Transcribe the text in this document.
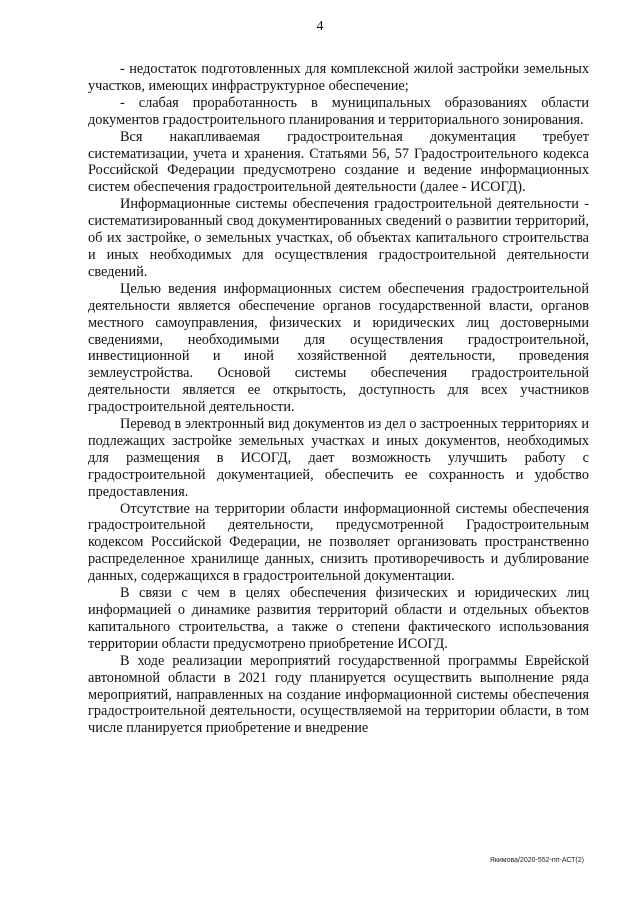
4

- недостаток подготовленных для комплексной жилой застройки земельных участков, имеющих инфраструктурное обеспечение;

- слабая проработанность в муниципальных образованиях области документов градостроительного планирования и территориального зонирования.

Вся накапливаемая градостроительная документация требует систематизации, учета и хранения. Статьями 56, 57 Градостроительного кодекса Российской Федерации предусмотрено создание и ведение информационных систем обеспечения градостроительной деятельности (далее - ИСОГД).

Информационные системы обеспечения градостроительной деятельности - систематизированный свод документированных сведений о развитии территорий, об их застройке, о земельных участках, об объектах капитального строительства и иных необходимых для осуществления градостроительной деятельности сведений.

Целью ведения информационных систем обеспечения градостроительной деятельности является обеспечение органов государственной власти, органов местного самоуправления, физических и юридических лиц достоверными сведениями, необходимыми для осуществления градостроительной, инвестиционной и иной хозяйственной деятельности, проведения землеустройства. Основой системы обеспечения градостроительной деятельности является ее открытость, доступность для всех участников градостроительной деятельности.

Перевод в электронный вид документов из дел о застроенных территориях и подлежащих застройке земельных участках и иных документов, необходимых для размещения в ИСОГД, дает возможность улучшить работу с градостроительной документацией, обеспечить ее сохранность и удобство предоставления.

Отсутствие на территории области информационной системы обеспечения градостроительной деятельности, предусмотренной Градостроительным кодексом Российской Федерации, не позволяет организовать пространственно распределенное хранилище данных, снизить противоречивость и дублирование данных, содержащихся в градостроительной документации.

В связи с чем в целях обеспечения физических и юридических лиц информацией о динамике развития территорий области и отдельных объектов капитального строительства, а также о степени фактического использования территории области предусмотрено приобретение ИСОГД.

В ходе реализации мероприятий государственной программы Еврейской автономной области в 2021 году планируется осуществить выполнение ряда мероприятий, направленных на создание информационной системы обеспечения градостроительной деятельности, осуществляемой на территории области, в том числе планируется приобретение и внедрение

Якимова/2020-552-пп-АСТ(2)
